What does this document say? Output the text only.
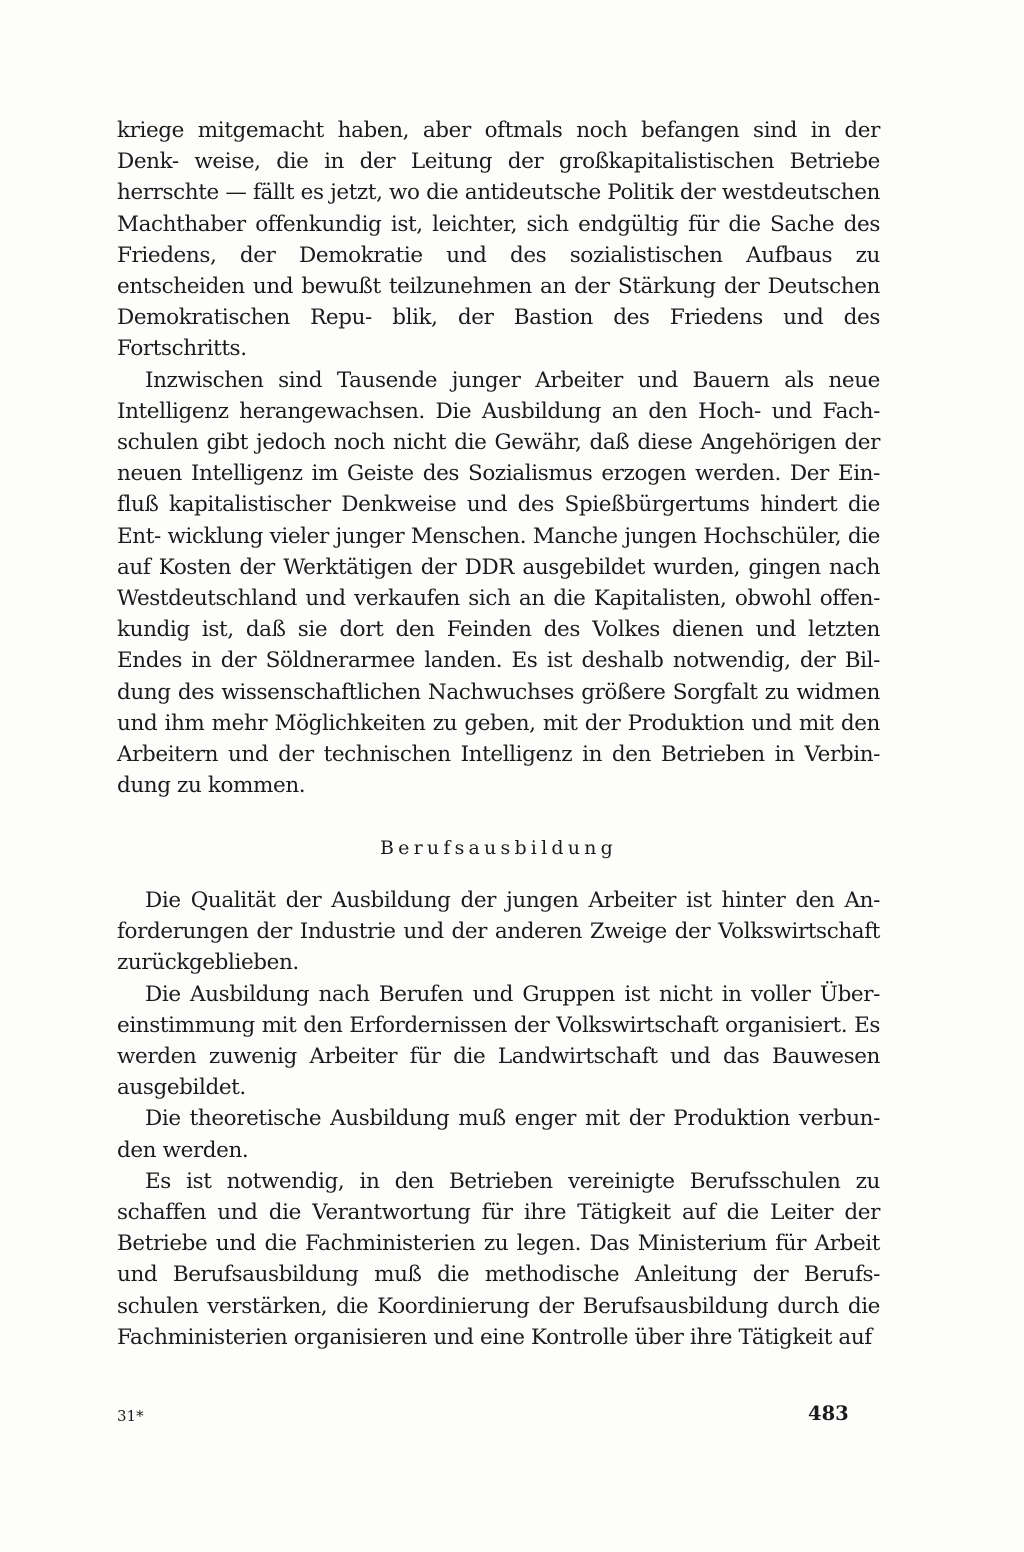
kriege mitgemacht haben, aber oftmals noch befangen sind in der Denk- weise, die in der Leitung der großkapitalistischen Betriebe herrschte — fällt es jetzt, wo die antideutsche Politik der westdeutschen Machthaber offenkundig ist, leichter, sich endgültig für die Sache des Friedens, der Demokratie und des sozialistischen Aufbaus zu entscheiden und bewußt teilzunehmen an der Stärkung der Deutschen Demokratischen Repu- blik, der Bastion des Friedens und des Fortschritts.

Inzwischen sind Tausende junger Arbeiter und Bauern als neue Intelligenz herangewachsen. Die Ausbildung an den Hoch- und Fach- schulen gibt jedoch noch nicht die Gewähr, daß diese Angehörigen der neuen Intelligenz im Geiste des Sozialismus erzogen werden. Der Ein- fluß kapitalistischer Denkweise und des Spießbürgertums hindert die Ent- wicklung vieler junger Menschen. Manche jungen Hochschüler, die auf Kosten der Werktätigen der DDR ausgebildet wurden, gingen nach Westdeutschland und verkaufen sich an die Kapitalisten, obwohl offen- kundig ist, daß sie dort den Feinden des Volkes dienen und letzten Endes in der Söldnerarmee landen. Es ist deshalb notwendig, der Bil- dung des wissenschaftlichen Nachwuchses größere Sorgfalt zu widmen und ihm mehr Möglichkeiten zu geben, mit der Produktion und mit den Arbeitern und der technischen Intelligenz in den Betrieben in Verbin- dung zu kommen.

Berufsausbildung

Die Qualität der Ausbildung der jungen Arbeiter ist hinter den An- forderungen der Industrie und der anderen Zweige der Volkswirtschaft zurückgeblieben.

Die Ausbildung nach Berufen und Gruppen ist nicht in voller Über- einstimmung mit den Erfordernissen der Volkswirtschaft organisiert. Es werden zuwenig Arbeiter für die Landwirtschaft und das Bauwesen ausgebildet.

Die theoretische Ausbildung muß enger mit der Produktion verbun- den werden.

Es ist notwendig, in den Betrieben vereinigte Berufsschulen zu schaffen und die Verantwortung für ihre Tätigkeit auf die Leiter der Betriebe und die Fachministerien zu legen. Das Ministerium für Arbeit und Berufsausbildung muß die methodische Anleitung der Berufs- schulen verstärken, die Koordinierung der Berufsausbildung durch die Fachministerien organisieren und eine Kontrolle über ihre Tätigkeit auf

31*	483
